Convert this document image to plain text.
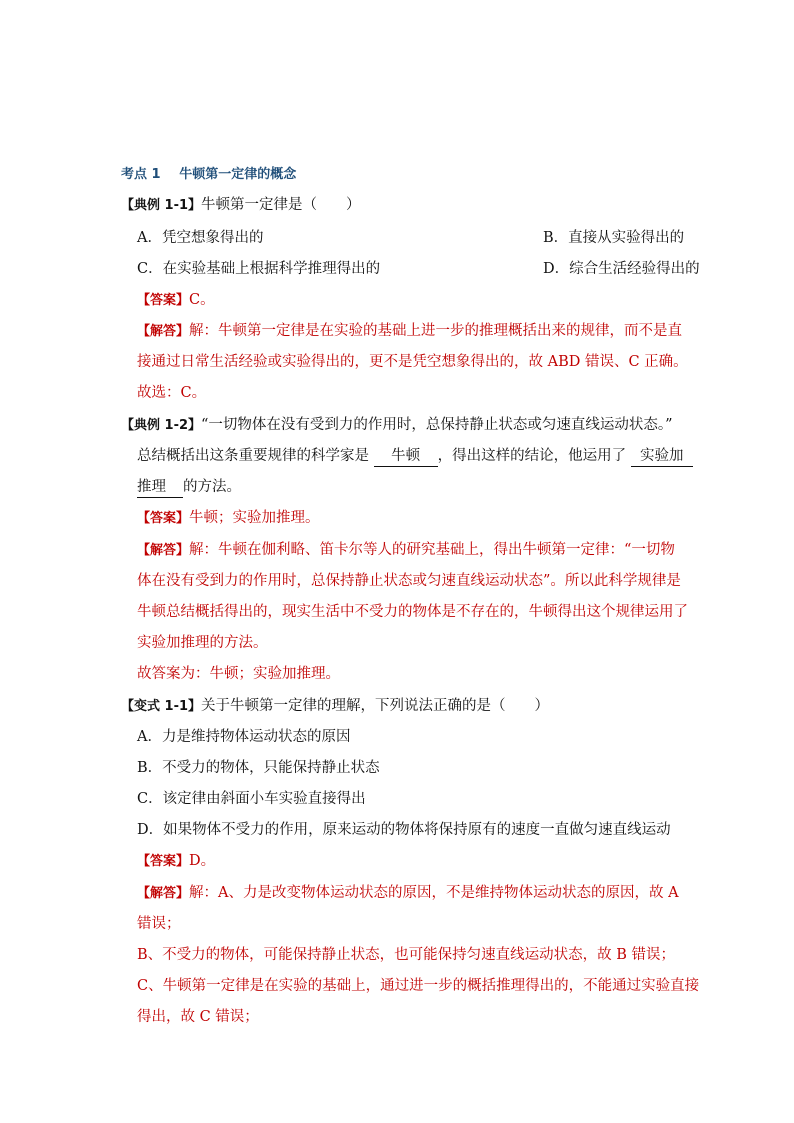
考点 1 牛顿第一定律的概念
【典例 1-1】牛顿第一定律是（　　）
A．凭空想象得出的	B．直接从实验得出的
C．在实验基础上根据科学推理得出的	D．综合生活经验得出的
【答案】C。
【解答】解：牛顿第一定律是在实验的基础上进一步的推理概括出来的规律，而不是直
接通过日常生活经验或实验得出的，更不是凭空想象得出的，故 ABD 错误、C 正确。
故选：C。
【典例 1-2】“一切物体在没有受到力的作用时，总保持静止状态或匀速直线运动状态。”
总结概括出这条重要规律的科学家是 牛顿 ，得出这样的结论，他运用了 实验加
推理 的方法。
【答案】牛顿；实验加推理。
【解答】解：牛顿在伽利略、笛卡尔等人的研究基础上，得出牛顿第一定律：“一切物
体在没有受到力的作用时，总保持静止状态或匀速直线运动状态”。所以此科学规律是
牛顿总结概括得出的，现实生活中不受力的物体是不存在的，牛顿得出这个规律运用了
实验加推理的方法。
故答案为：牛顿；实验加推理。
【变式 1-1】关于牛顿第一定律的理解，下列说法正确的是（　　）
A．力是维持物体运动状态的原因
B．不受力的物体，只能保持静止状态
C．该定律由斜面小车实验直接得出
D．如果物体不受力的作用，原来运动的物体将保持原有的速度一直做匀速直线运动
【答案】D。
【解答】解：A、力是改变物体运动状态的原因，不是维持物体运动状态的原因，故 A
错误；
B、不受力的物体，可能保持静止状态，也可能保持匀速直线运动状态，故 B 错误；
C、牛顿第一定律是在实验的基础上，通过进一步的概括推理得出的，不能通过实验直接
得出，故 C 错误；
